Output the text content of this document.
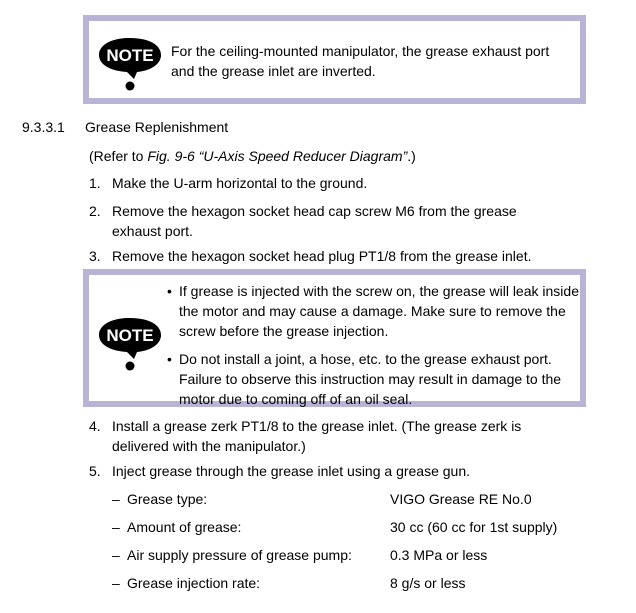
NOTE For the ceiling-mounted manipulator, the grease exhaust port and the grease inlet are inverted.
9.3.3.1 Grease Replenishment
(Refer to Fig. 9-6 “U-Axis Speed Reducer Diagram”.)
1. Make the U-arm horizontal to the ground.
2. Remove the hexagon socket head cap screw M6 from the grease exhaust port.
3. Remove the hexagon socket head plug PT1/8 from the grease inlet.
NOTE
• If grease is injected with the screw on, the grease will leak inside the motor and may cause a damage. Make sure to remove the screw before the grease injection.
• Do not install a joint, a hose, etc. to the grease exhaust port. Failure to observe this instruction may result in damage to the motor due to coming off of an oil seal.
4. Install a grease zerk PT1/8 to the grease inlet. (The grease zerk is delivered with the manipulator.)
5. Inject grease through the grease inlet using a grease gun.
– Grease type:	VIGO Grease RE No.0
– Amount of grease:	30 cc (60 cc for 1st supply)
– Air supply pressure of grease pump:	0.3 MPa or less
– Grease injection rate:	8 g/s or less
